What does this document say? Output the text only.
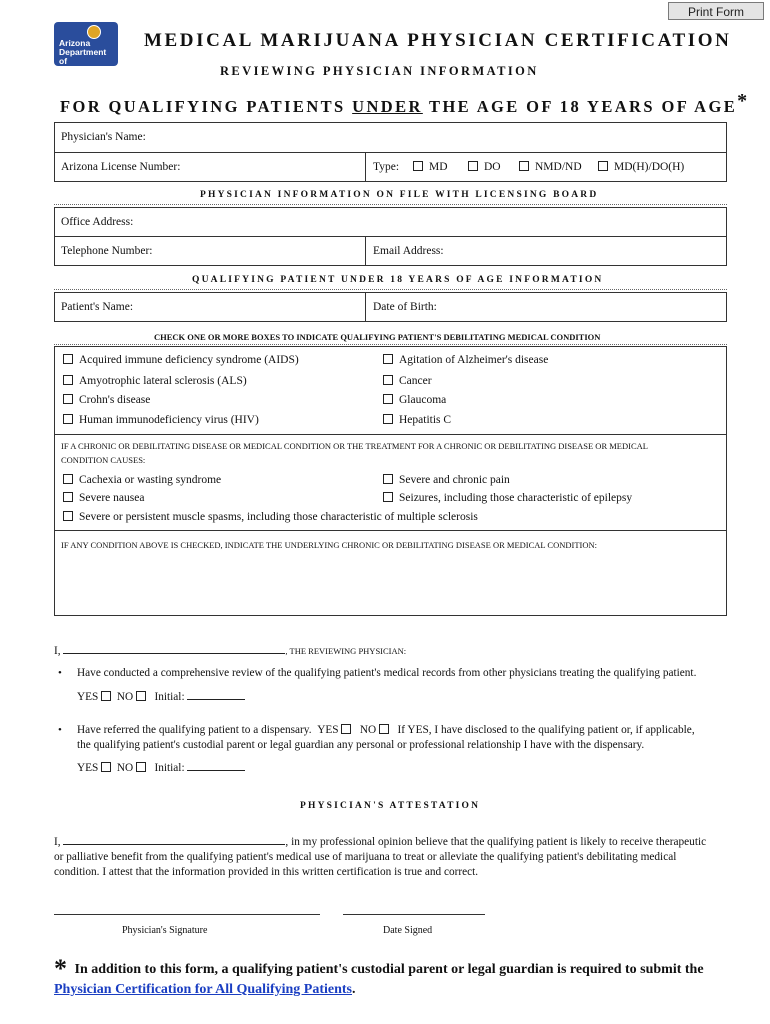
Print Form
Arizona
Department of
Health Services
MEDICAL MARIJUANA PHYSICIAN CERTIFICATION
REVIEWING PHYSICIAN INFORMATION
FOR QUALIFYING PATIENTS UNDER THE AGE OF 18 YEARS OF AGE*
Physician's Name:
Arizona License Number:	Type:	MD	DO	NMD/ND	MD(H)/DO(H)
PHYSICIAN INFORMATION ON FILE WITH LICENSING BOARD
Office Address:
Telephone Number:	Email Address:
QUALIFYING PATIENT UNDER 18 YEARS OF AGE INFORMATION
Patient's Name:	Date of Birth:
CHECK ONE OR MORE BOXES TO INDICATE QUALIFYING PATIENT'S DEBILITATING MEDICAL CONDITION
Acquired immune deficiency syndrome (AIDS)
Amyotrophic lateral sclerosis (ALS)
Crohn's disease
Human immunodeficiency virus (HIV)
Agitation of Alzheimer's disease
Cancer
Glaucoma
Hepatitis C
IF A CHRONIC OR DEBILITATING DISEASE OR MEDICAL CONDITION OR THE TREATMENT FOR A CHRONIC OR DEBILITATING DISEASE OR MEDICAL
CONDITION CAUSES:
Cachexia or wasting syndrome
Severe nausea
Severe and chronic pain
Seizures, including those characteristic of epilepsy
Severe or persistent muscle spasms, including those characteristic of multiple sclerosis
IF ANY CONDITION ABOVE IS CHECKED, INDICATE THE UNDERLYING CHRONIC OR DEBILITATING DISEASE OR MEDICAL CONDITION:
I,	, THE REVIEWING PHYSICIAN:
• Have conducted a comprehensive review of the qualifying patient's medical records from other physicians treating the qualifying patient.
YES NO Initial:
• Have referred the qualifying patient to a dispensary. YES NO If YES, I have disclosed to the qualifying patient or, if applicable,
the qualifying patient's custodial parent or legal guardian any personal or professional relationship I have with the dispensary.
YES NO Initial:
PHYSICIAN'S ATTESTATION
I,	, in my professional opinion believe that the qualifying patient is likely to receive therapeutic
or palliative benefit from the qualifying patient's medical use of marijuana to treat or alleviate the qualifying patient's debilitating medical
condition. I attest that the information provided in this written certification is true and correct.
Physician's Signature	Date Signed
* In addition to this form, a qualifying patient's custodial parent or legal guardian is required to submit the
Physician Certification for All Qualifying Patients.
